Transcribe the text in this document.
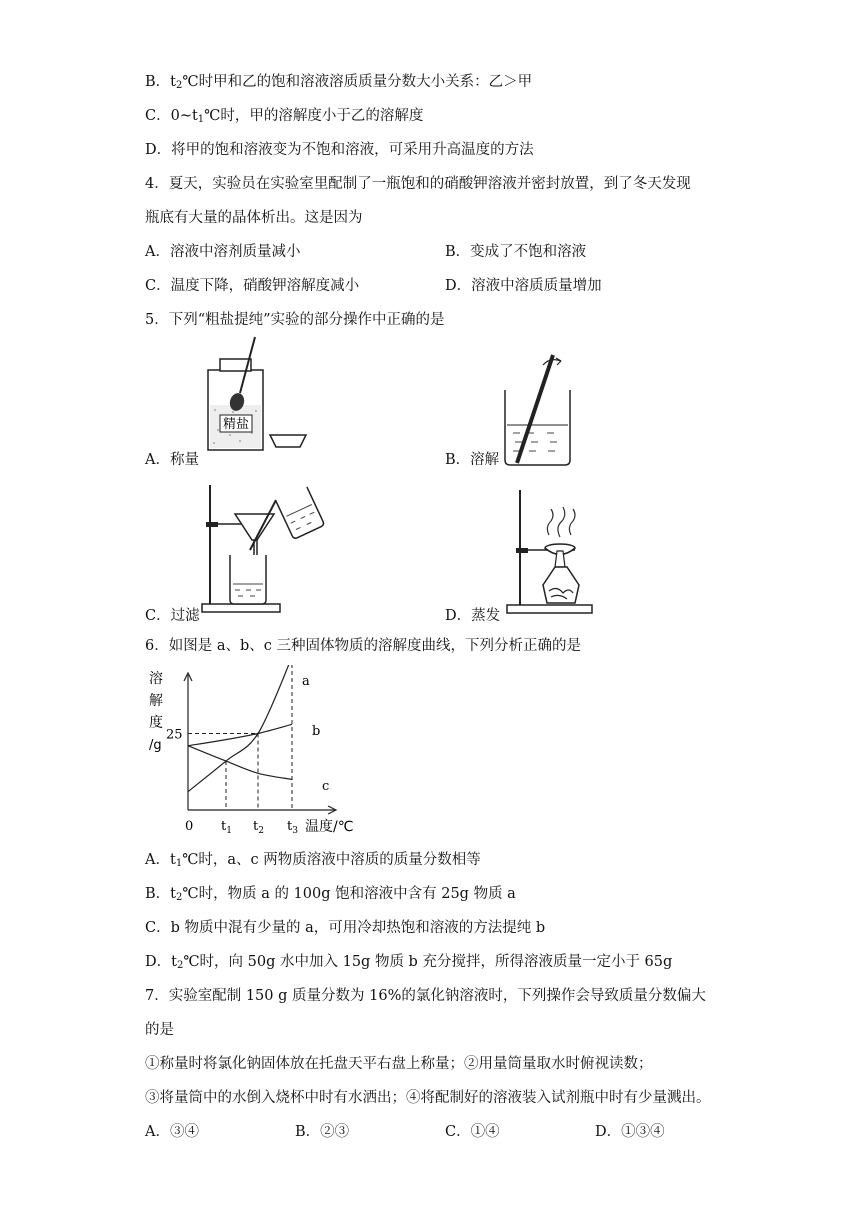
B．$t_2℃$时甲和乙的饱和溶液溶质质量分数大小关系：乙＞甲
C．$0\sim t_1℃$时，甲的溶解度小于乙的溶解度
D．将甲的饱和溶液变为不饱和溶液，可采用升高温度的方法
4．夏天，实验员在实验室里配制了一瓶饱和的硝酸钾溶液并密封放置，到了冬天发现
瓶底有大量的晶体析出。这是因为
A．溶液中溶剂质量减小	B．变成了不饱和溶液
C．温度下降，硝酸钾溶解度减小	D．溶液中溶质质量增加
5．下列“粗盐提纯”实验的部分操作中正确的是
精盐
A．称量	B．溶解
C．过滤	D．蒸发
6．如图是 a、b、c 三种固体物质的溶解度曲线，下列分析正确的是
溶
解
度
/g
0 $t_1$ $t_2$ $t_3$
25
温度/℃
a
b
c
A．$t_1℃$时，a、c 两物质溶液中溶质的质量分数相等
B．$t_2℃$时，物质 a 的 100g 饱和溶液中含有 25g 物质 a
C．b 物质中混有少量的 a，可用冷却热饱和溶液的方法提纯 b
D．$t_2℃$时，向 50g 水中加入 15g 物质 b 充分搅拌，所得溶液质量一定小于 65g
7．实验室配制 150 g 质量分数为 16%的氯化钠溶液时，下列操作会导致质量分数偏大
的是
①称量时将氯化钠固体放在托盘天平右盘上称量；②用量筒量取水时俯视读数；
③将量筒中的水倒入烧杯中时有水洒出；④将配制好的溶液装入试剂瓶中时有少量溅出。
A．③④	B．②③	C．①④	D．①③④
